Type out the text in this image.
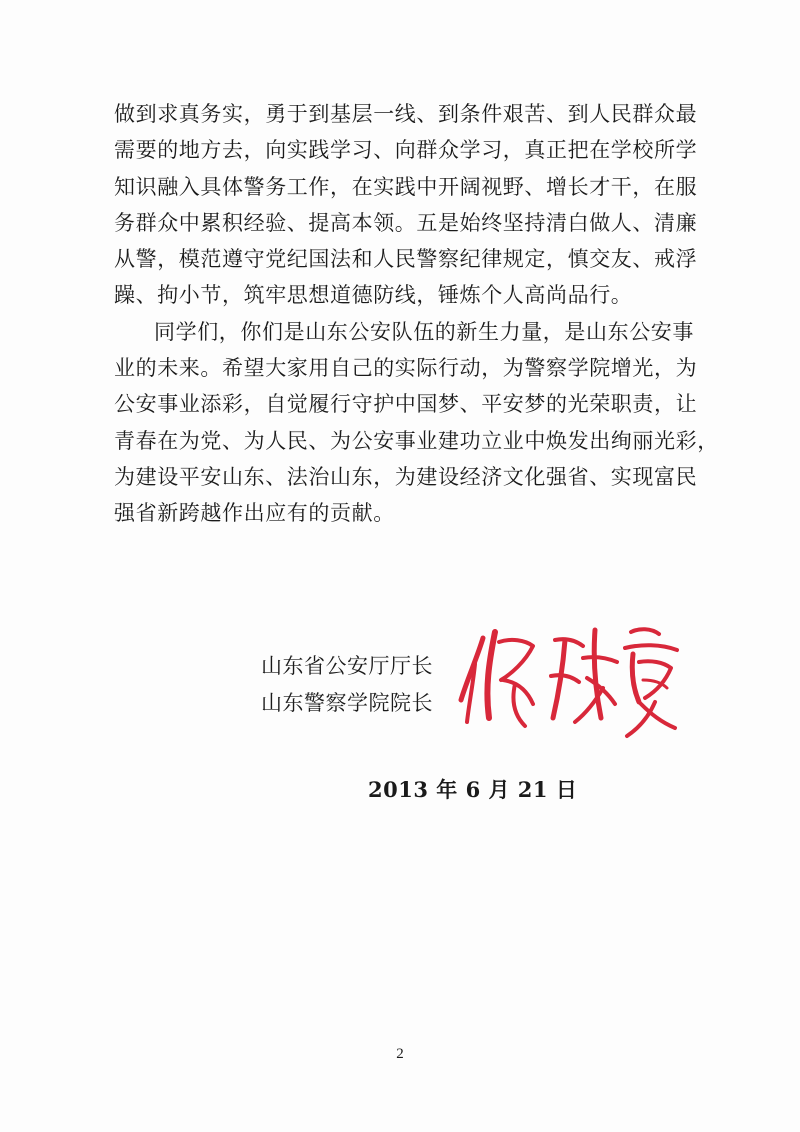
做到求真务实，勇于到基层一线、到条件艰苦、到人民群众最
需要的地方去，向实践学习、向群众学习，真正把在学校所学
知识融入具体警务工作，在实践中开阔视野、增长才干，在服
务群众中累积经验、提高本领。五是始终坚持清白做人、清廉
从警，模范遵守党纪国法和人民警察纪律规定，慎交友、戒浮
躁、拘小节，筑牢思想道德防线，锤炼个人高尚品行。
同学们，你们是山东公安队伍的新生力量，是山东公安事
业的未来。希望大家用自己的实际行动，为警察学院增光，为
公安事业添彩，自觉履行守护中国梦、平安梦的光荣职责，让
青春在为党、为人民、为公安事业建功立业中焕发出绚丽光彩，
为建设平安山东、法治山东，为建设经济文化强省、实现富民
强省新跨越作出应有的贡献。
山东省公安厅厅长
山东警察学院院长
2013 年 6 月 21 日
2
